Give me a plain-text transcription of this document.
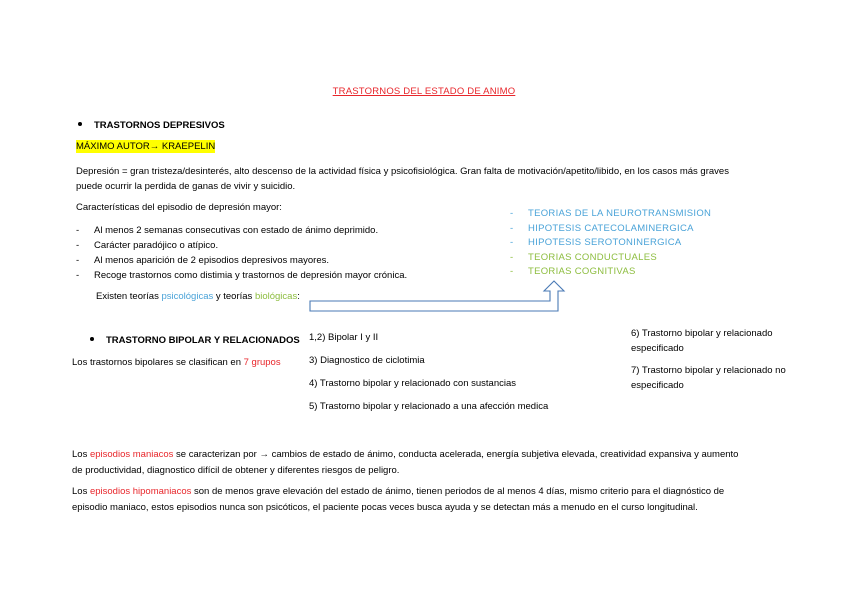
TRASTORNOS DEL ESTADO DE ANIMO
TRASTORNOS DEPRESIVOS
MÁXIMO AUTOR→ KRAEPELIN
Depresión = gran tristeza/desinterés, alto descenso de la actividad física y psicofisiológica. Gran falta de motivación/apetito/libido, en los casos más graves
puede ocurrir la perdida de ganas de vivir y suicidio.
Características del episodio de depresión mayor:
- Al menos 2 semanas consecutivas con estado de ánimo deprimido.
- Carácter paradójico o atípico.
- Al menos aparición de 2 episodios depresivos mayores.
- Recoge trastornos como distimia y trastornos de depresión mayor crónica.
- TEORIAS DE LA NEUROTRANSMISION
- HIPOTESIS CATECOLAMINERGICA
- HIPOTESIS SEROTONINERGICA
- TEORIAS CONDUCTUALES
- TEORIAS COGNITIVAS
Existen teorías psicológicas y teorías biológicas:
TRASTORNO BIPOLAR Y RELACIONADOS
Los trastornos bipolares se clasifican en 7 grupos
1,2) Bipolar I y II
3) Diagnostico de ciclotimia
4) Trastorno bipolar y relacionado con sustancias
5) Trastorno bipolar y relacionado a una afección medica
6) Trastorno bipolar y relacionado
especificado
7) Trastorno bipolar y relacionado no
especificado
Los episodios maniacos se caracterizan por → cambios de estado de ánimo, conducta acelerada, energía subjetiva elevada, creatividad expansiva y aumento
de productividad, diagnostico difícil de obtener y diferentes riesgos de peligro.
Los episodios hipomaniacos son de menos grave elevación del estado de ánimo, tienen periodos de al menos 4 días, mismo criterio para el diagnóstico de
episodio maniaco, estos episodios nunca son psicóticos, el paciente pocas veces busca ayuda y se detectan más a menudo en el curso longitudinal.
